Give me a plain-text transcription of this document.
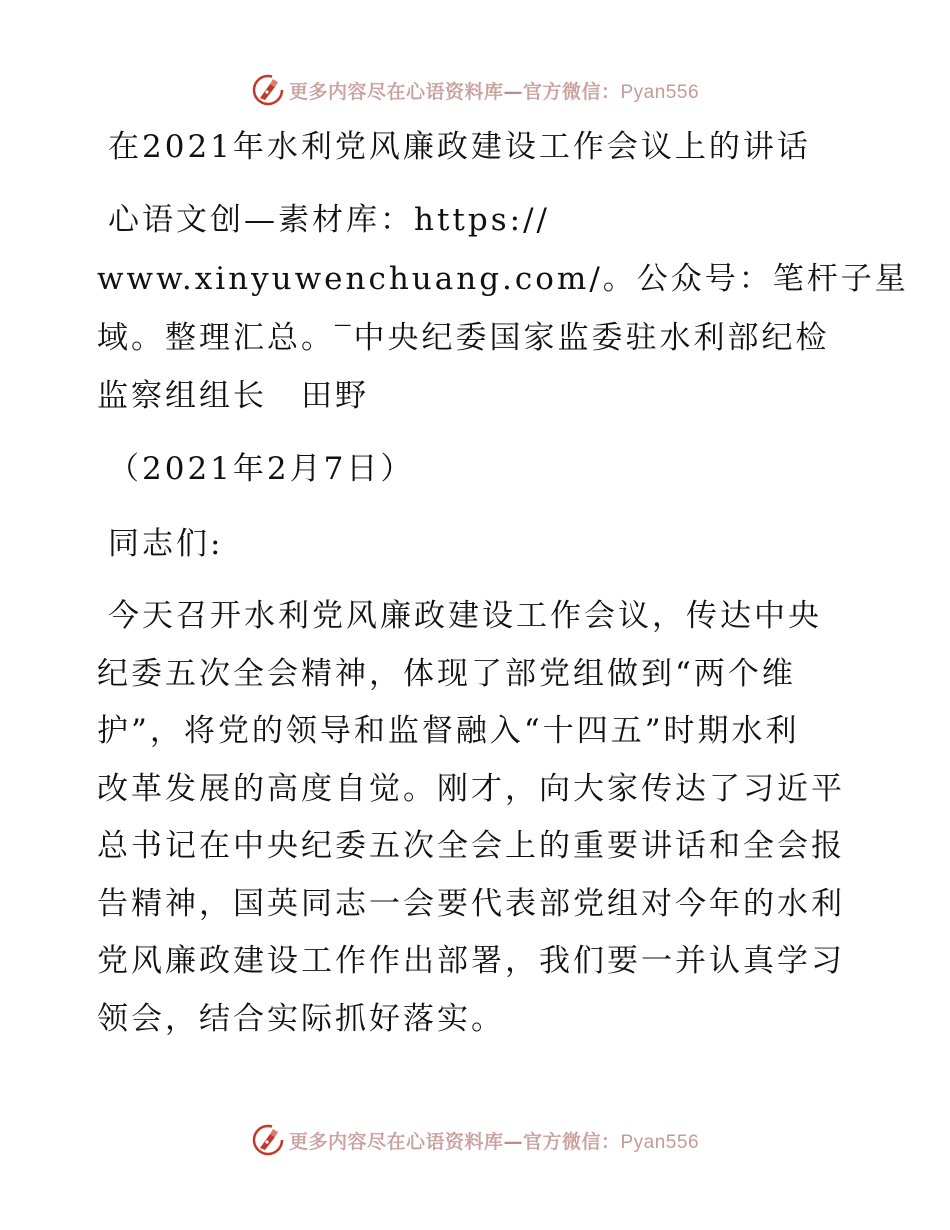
更多内容尽在心语资料库—官方微信：Pyan556
在2021年水利党风廉政建设工作会议上的讲话
心语文创—素材库：https://
www.xinyuwenchuang.com/。公众号：笔杆子星
域。整理汇总。‾中央纪委国家监委驻水利部纪检
监察组组长　田野
（2021年2月7日）
同志们:
今天召开水利党风廉政建设工作会议，传达中央
纪委五次全会精神，体现了部党组做到“两个维
护”，将党的领导和监督融入“十四五”时期水利
改革发展的高度自觉。刚才，向大家传达了习近平
总书记在中央纪委五次全会上的重要讲话和全会报
告精神，国英同志一会要代表部党组对今年的水利
党风廉政建设工作作出部署，我们要一并认真学习
领会，结合实际抓好落实。
更多内容尽在心语资料库—官方微信：Pyan556
